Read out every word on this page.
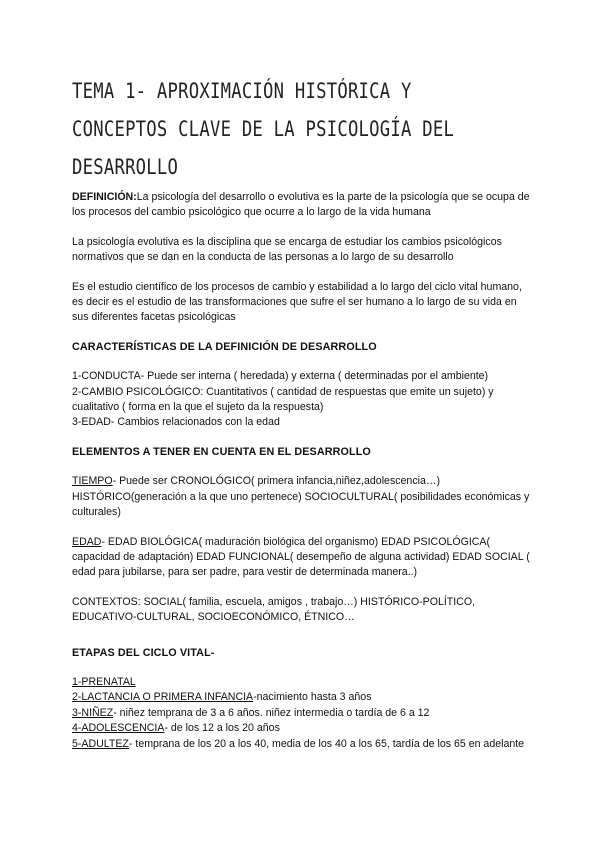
TEMA 1- APROXIMACIÓN HISTÓRICA Y CONCEPTOS CLAVE DE LA PSICOLOGÍA DEL DESARROLLO

DEFINICIÓN:La psicología del desarrollo o evolutiva es la parte de la psicología que se ocupa de los procesos del cambio psicológico que ocurre a lo largo de la vida humana

La psicología evolutiva es la disciplina que se encarga de estudiar los cambios psicológicos normativos que se dan en la conducta de las personas a lo largo de su desarrollo

Es el estudio científico de los procesos de cambio y estabilidad a lo largo del ciclo vital humano, es decir es el estudio de las transformaciones que sufre el ser humano a lo largo de su vida en sus diferentes facetas psicológicas

CARACTERÍSTICAS DE LA DEFINICIÓN DE DESARROLLO

1-CONDUCTA- Puede ser interna ( heredada) y externa ( determinadas por el ambiente)

2-CAMBIO PSICOLÓGICO: Cuantitativos ( cantidad de respuestas que emite un sujeto) y cualitativo ( forma en la que el sujeto da la respuesta)

3-EDAD- Cambios relacionados con la edad

ELEMENTOS A TENER EN CUENTA EN EL DESARROLLO

TIEMPO- Puede ser CRONOLÓGICO( primera infancia,niñez,adolescencia…) HISTÓRICO(generación a la que uno pertenece) SOCIOCULTURAL( posibilidades económicas y culturales)

EDAD- EDAD BIOLÓGICA( maduración biológica del organismo) EDAD PSICOLÓGICA( capacidad de adaptación) EDAD FUNCIONAL( desempeño de alguna actividad) EDAD SOCIAL ( edad para jubilarse, para ser padre, para vestir de determinada manera..)

CONTEXTOS: SOCIAL( familia, escuela, amigos , trabajo…) HISTÓRICO-POLÍTICO, EDUCATIVO-CULTURAL, SOCIOECONÓMICO, ÉTNICO…

ETAPAS DEL CICLO VITAL-

1-PRENATAL

2-LACTANCIA O PRIMERA INFANCIA-nacimiento hasta 3 años

3-NIÑEZ- niñez temprana de 3 a 6 años. niñez intermedia o tardía de 6 a 12

4-ADOLESCENCIA- de los 12 a los 20 años

5-ADULTEZ- temprana de los 20 a los 40, media de los 40 a los 65, tardía de los 65 en adelante
